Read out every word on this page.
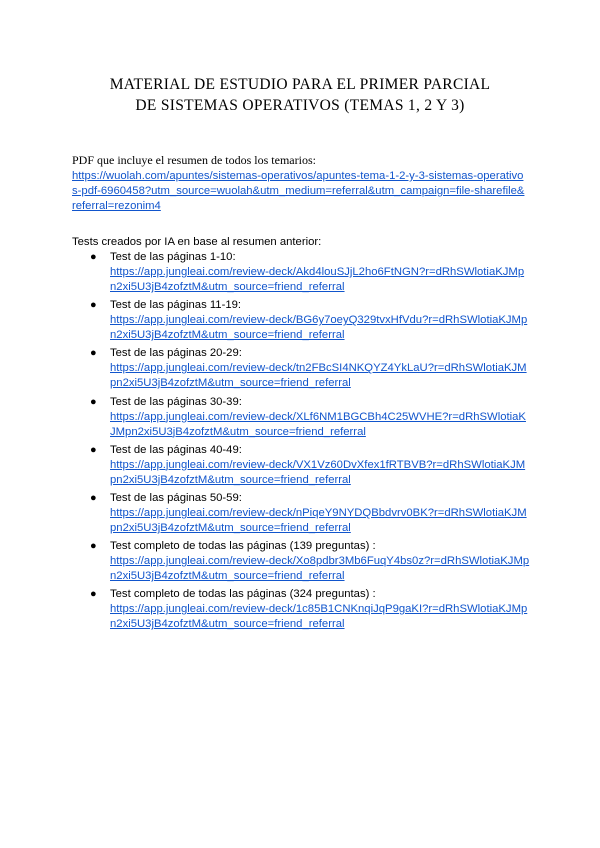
MATERIAL DE ESTUDIO PARA EL PRIMER PARCIAL
DE SISTEMAS OPERATIVOS (TEMAS 1, 2 Y 3)
PDF que incluye el resumen de todos los temarios:
https://wuolah.com/apuntes/sistemas-operativos/apuntes-tema-1-2-y-3-sistemas-operativos-pdf-6960458?utm_source=wuolah&utm_medium=referral&utm_campaign=file-sharefile&referral=rezonim4
Tests creados por IA en base al resumen anterior:
● Test de las páginas 1-10:
https://app.jungleai.com/review-deck/Akd4louSJjL2ho6FtNGN?r=dRhSWlotiaKJMpn2xi5U3jB4zofztM&utm_source=friend_referral
● Test de las páginas 11-19:
https://app.jungleai.com/review-deck/BG6y7oeyQ329tvxHfVdu?r=dRhSWlotiaKJMpn2xi5U3jB4zofztM&utm_source=friend_referral
● Test de las páginas 20-29:
https://app.jungleai.com/review-deck/tn2FBcSI4NKQYZ4YkLaU?r=dRhSWlotiaKJMpn2xi5U3jB4zofztM&utm_source=friend_referral
● Test de las páginas 30-39:
https://app.jungleai.com/review-deck/XLf6NM1BGCBh4C25WVHE?r=dRhSWlotiaKJMpn2xi5U3jB4zofztM&utm_source=friend_referral
● Test de las páginas 40-49:
https://app.jungleai.com/review-deck/VX1Vz60DvXfex1fRTBVB?r=dRhSWlotiaKJMpn2xi5U3jB4zofztM&utm_source=friend_referral
● Test de las páginas 50-59:
https://app.jungleai.com/review-deck/nPiqeY9NYDQBbdvrv0BK?r=dRhSWlotiaKJMpn2xi5U3jB4zofztM&utm_source=friend_referral
● Test completo de todas las páginas (139 preguntas) :
https://app.jungleai.com/review-deck/Xo8pdbr3Mb6FuqY4bs0z?r=dRhSWlotiaKJMpn2xi5U3jB4zofztM&utm_source=friend_referral
● Test completo de todas las páginas (324 preguntas) :
https://app.jungleai.com/review-deck/1c85B1CNKnqiJqP9gaKI?r=dRhSWlotiaKJMpn2xi5U3jB4zofztM&utm_source=friend_referral
